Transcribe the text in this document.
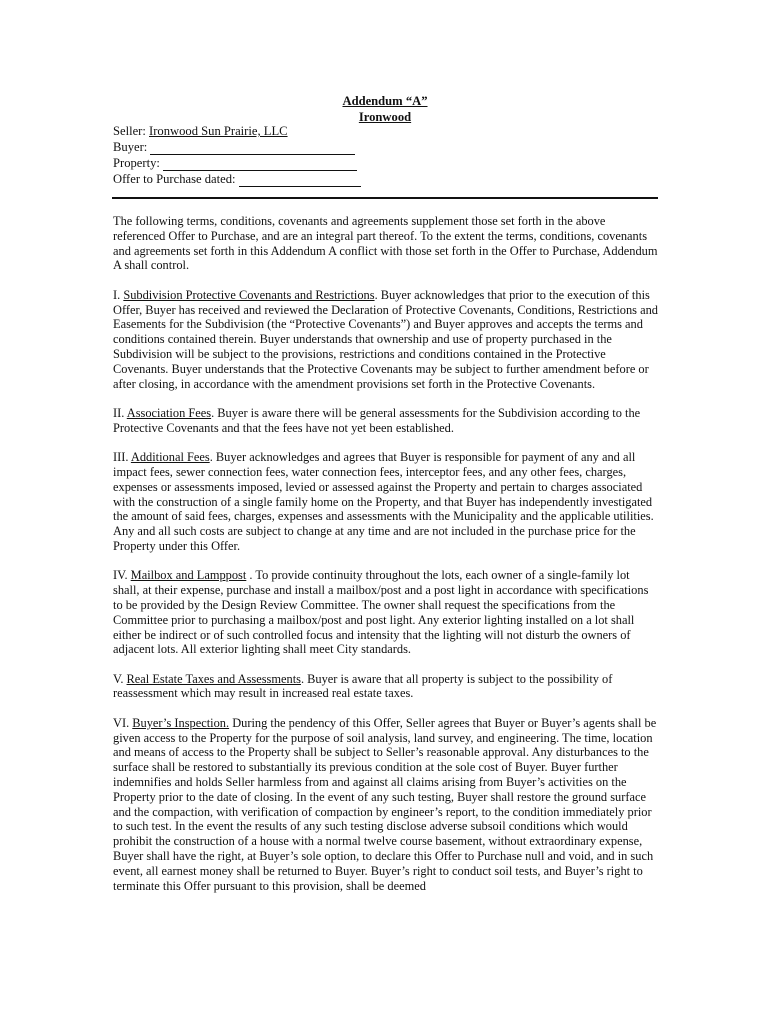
Addendum “A”
Ironwood
Seller: Ironwood Sun Prairie, LLC
Buyer:
Property:
Offer to Purchase dated:

The following terms, conditions, covenants and agreements supplement those set forth in the above referenced Offer to Purchase, and are an integral part thereof. To the extent the terms, conditions, covenants and agreements set forth in this Addendum A conflict with those set forth in the Offer to Purchase, Addendum A shall control.

I. Subdivision Protective Covenants and Restrictions. Buyer acknowledges that prior to the execution of this Offer, Buyer has received and reviewed the Declaration of Protective Covenants, Conditions, Restrictions and Easements for the Subdivision (the “Protective Covenants”) and Buyer approves and accepts the terms and conditions contained therein. Buyer understands that ownership and use of property purchased in the Subdivision will be subject to the provisions, restrictions and conditions contained in the Protective Covenants. Buyer understands that the Protective Covenants may be subject to further amendment before or after closing, in accordance with the amendment provisions set forth in the Protective Covenants.

II. Association Fees. Buyer is aware there will be general assessments for the Subdivision according to the Protective Covenants and that the fees have not yet been established.

III. Additional Fees. Buyer acknowledges and agrees that Buyer is responsible for payment of any and all impact fees, sewer connection fees, water connection fees, interceptor fees, and any other fees, charges, expenses or assessments imposed, levied or assessed against the Property and pertain to charges associated with the construction of a single family home on the Property, and that Buyer has independently investigated the amount of said fees, charges, expenses and assessments with the Municipality and the applicable utilities. Any and all such costs are subject to change at any time and are not included in the purchase price for the Property under this Offer.

IV. Mailbox and Lamppost . To provide continuity throughout the lots, each owner of a single-family lot shall, at their expense, purchase and install a mailbox/post and a post light in accordance with specifications to be provided by the Design Review Committee. The owner shall request the specifications from the Committee prior to purchasing a mailbox/post and post light. Any exterior lighting installed on a lot shall either be indirect or of such controlled focus and intensity that the lighting will not disturb the owners of adjacent lots. All exterior lighting shall meet City standards.

V. Real Estate Taxes and Assessments. Buyer is aware that all property is subject to the possibility of reassessment which may result in increased real estate taxes.

VI. Buyer’s Inspection. During the pendency of this Offer, Seller agrees that Buyer or Buyer’s agents shall be given access to the Property for the purpose of soil analysis, land survey, and engineering. The time, location and means of access to the Property shall be subject to Seller’s reasonable approval. Any disturbances to the surface shall be restored to substantially its previous condition at the sole cost of Buyer. Buyer further indemnifies and holds Seller harmless from and against all claims arising from Buyer’s activities on the Property prior to the date of closing. In the event of any such testing, Buyer shall restore the ground surface and the compaction, with verification of compaction by engineer’s report, to the condition immediately prior to such test. In the event the results of any such testing disclose adverse subsoil conditions which would prohibit the construction of a house with a normal twelve course basement, without extraordinary expense, Buyer shall have the right, at Buyer’s sole option, to declare this Offer to Purchase null and void, and in such event, all earnest money shall be returned to Buyer. Buyer’s right to conduct soil tests, and Buyer’s right to terminate this Offer pursuant to this provision, shall be deemed
